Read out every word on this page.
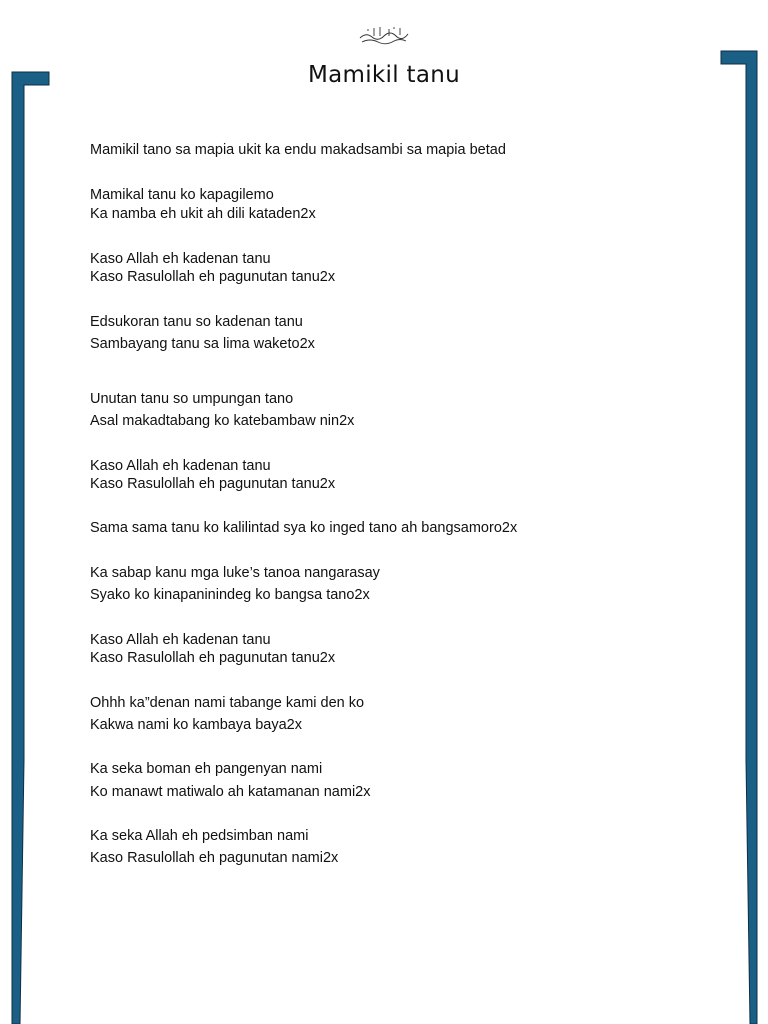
Mamikil tanu
Mamikil tano sa mapia ukit ka endu makadsambi sa mapia betad
Mamikal tanu ko kapagilemo
Ka namba eh ukit ah dili kataden2x
Kaso Allah eh kadenan tanu
Kaso Rasulollah eh pagunutan tanu2x
Edsukoran tanu so kadenan tanu
Sambayang tanu sa lima waketo2x
Unutan tanu so umpungan tano
Asal makadtabang ko katebambaw nin2x
Kaso Allah eh kadenan tanu
Kaso Rasulollah eh pagunutan tanu2x
Sama sama tanu ko kalilintad sya ko inged tano ah bangsamoro2x
Ka sabap kanu mga luke’s tanoa nangarasay
Syako ko kinapaninindeg ko bangsa tano2x
Kaso Allah eh kadenan tanu
Kaso Rasulollah eh pagunutan tanu2x
Ohhh ka”denan nami tabange kami den ko
Kakwa nami ko kambaya baya2x
Ka seka boman eh pangenyan nami
Ko manawt matiwalo ah katamanan nami2x
Ka seka Allah eh pedsimban nami
Kaso Rasulollah eh pagunutan nami2x
